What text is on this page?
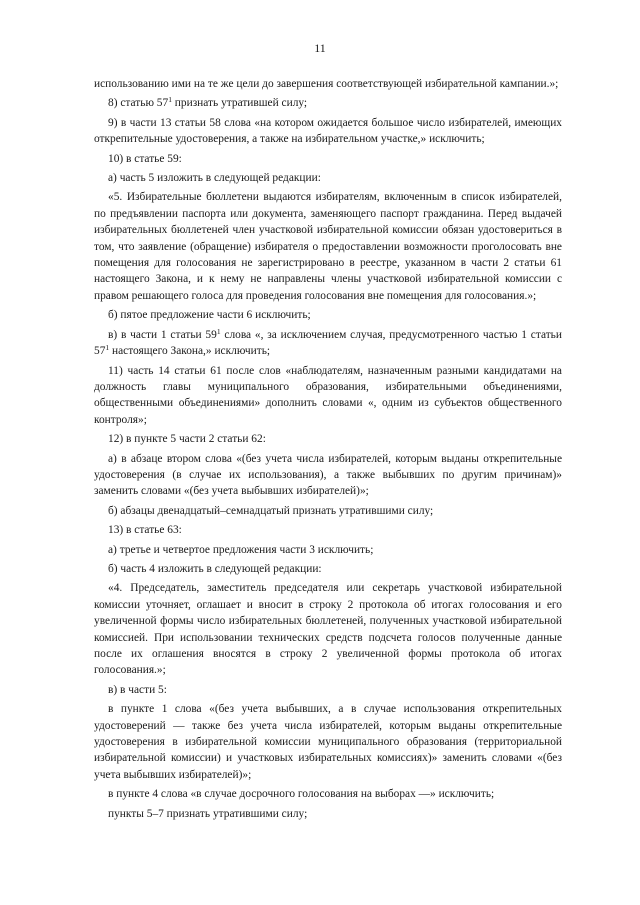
11

использованию ими на те же цели до завершения соответствующей избирательной кампании.»;

8) статью $57^1$ признать утратившей силу;

9) в части 13 статьи 58 слова «на котором ожидается большое число избирателей, имеющих открепительные удостоверения, а также на избирательном участке,» исключить;

10) в статье 59:

а) часть 5 изложить в следующей редакции:

«5. Избирательные бюллетени выдаются избирателям, включенным в список избирателей, по предъявлении паспорта или документа, заменяющего паспорт гражданина. Перед выдачей избирательных бюллетеней член участковой избирательной комиссии обязан удостовериться в том, что заявление (обращение) избирателя о предоставлении возможности проголосовать вне помещения для голосования не зарегистрировано в реестре, указанном в части 2 статьи 61 настоящего Закона, и к нему не направлены члены участковой избирательной комиссии с правом решающего голоса для проведения голосования вне помещения для голосования.»;

б) пятое предложение части 6 исключить;

в) в части 1 статьи $59^1$ слова «, за исключением случая, предусмотренного частью 1 статьи $57^1$ настоящего Закона,» исключить;

11) часть 14 статьи 61 после слов «наблюдателям, назначенным разными кандидатами на должность главы муниципального образования, избирательными объединениями, общественными объединениями» дополнить словами «, одним из субъектов общественного контроля»;

12) в пункте 5 части 2 статьи 62:

а) в абзаце втором слова «(без учета числа избирателей, которым выданы открепительные удостоверения (в случае их использования), а также выбывших по другим причинам)» заменить словами «(без учета выбывших избирателей)»;

б) абзацы двенадцатый–семнадцатый признать утратившими силу;

13) в статье 63:

а) третье и четвертое предложения части 3 исключить;

б) часть 4 изложить в следующей редакции:

«4. Председатель, заместитель председателя или секретарь участковой избирательной комиссии уточняет, оглашает и вносит в строку 2 протокола об итогах голосования и его увеличенной формы число избирательных бюллетеней, полученных участковой избирательной комиссией. При использовании технических средств подсчета голосов полученные данные после их оглашения вносятся в строку 2 увеличенной формы протокола об итогах голосования.»;

в) в части 5:

в пункте 1 слова «(без учета выбывших, а в случае использования открепительных удостоверений — также без учета числа избирателей, которым выданы открепительные удостоверения в избирательной комиссии муниципального образования (территориальной избирательной комиссии) и участковых избирательных комиссиях)» заменить словами «(без учета выбывших избирателей)»;

в пункте 4 слова «в случае досрочного голосования на выборах —» исключить;

пункты 5–7 признать утратившими силу;
